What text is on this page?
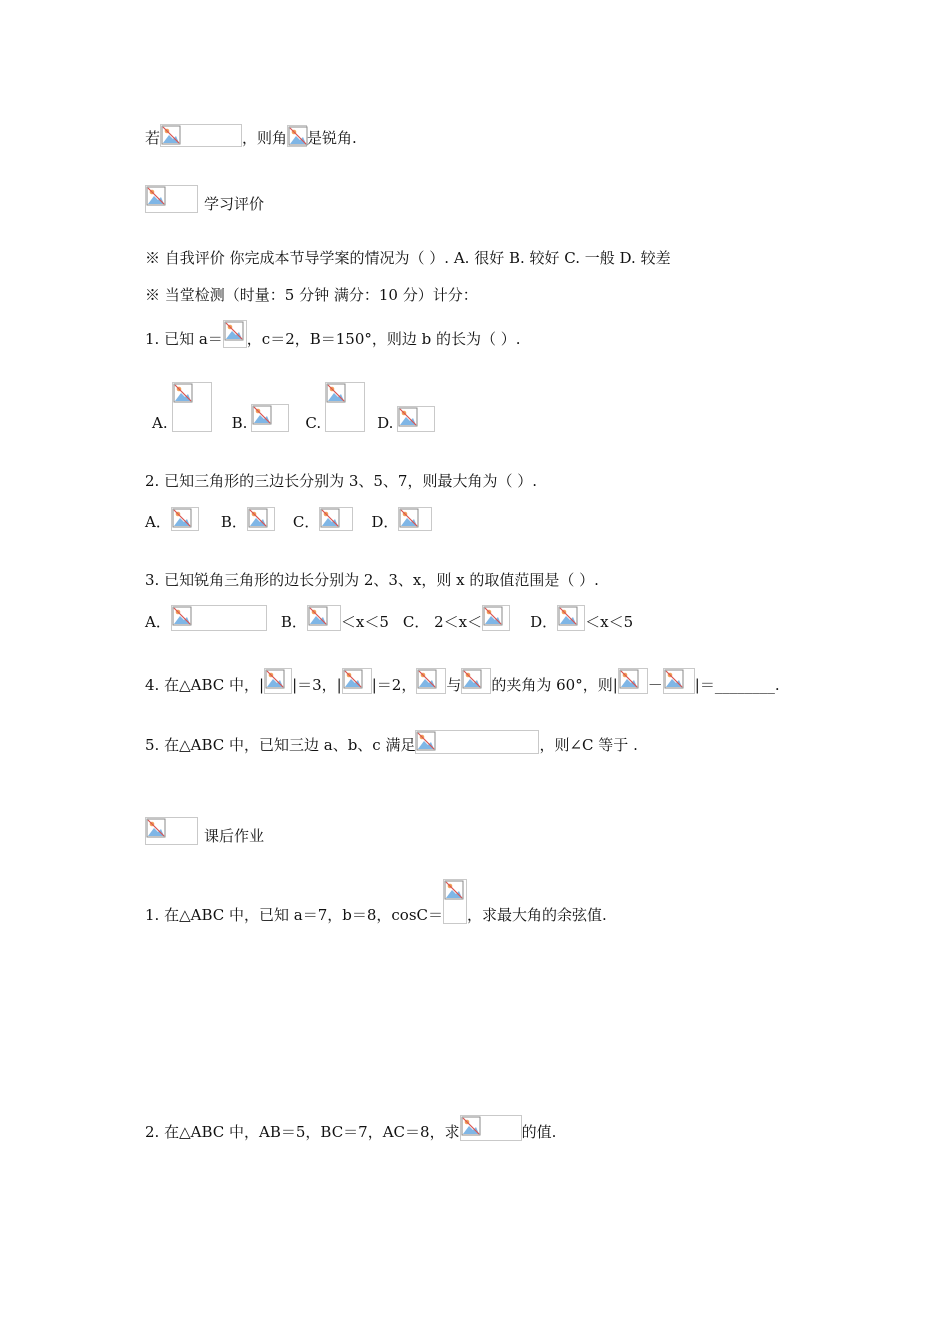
若	，则角 是锐角.
学习评价
※ 自我评价 你完成本节导学案的情况为（ ）. A. 很好 B. 较好 C. 一般 D. 较差
※ 当堂检测（时量：5 分钟 满分：10 分）计分：
1. 已知 a＝ ，c＝2，B＝150°，则边 b 的长为（ ）.
A.	B.	C.	D.
2. 已知三角形的三边长分别为 3、5、7，则最大角为（ ）.
A．	B．	C．	D．
3. 已知锐角三角形的边长分别为 2、3、x，则 x 的取值范围是（ ）.
A．	B． ＜x＜5 C． 2＜x＜	D． ＜x＜5
4. 在△ABC 中，| |＝3，| |＝2， 与 的夹角为 60°，则| － |＝________.
5. 在△ABC 中，已知三边 a、b、c 满足	，则∠C 等于 .
课后作业
1. 在△ABC 中，已知 a＝7，b＝8，cosC＝ ，求最大角的余弦值.
2. 在△ABC 中，AB＝5，BC＝7，AC＝8，求	的值.
